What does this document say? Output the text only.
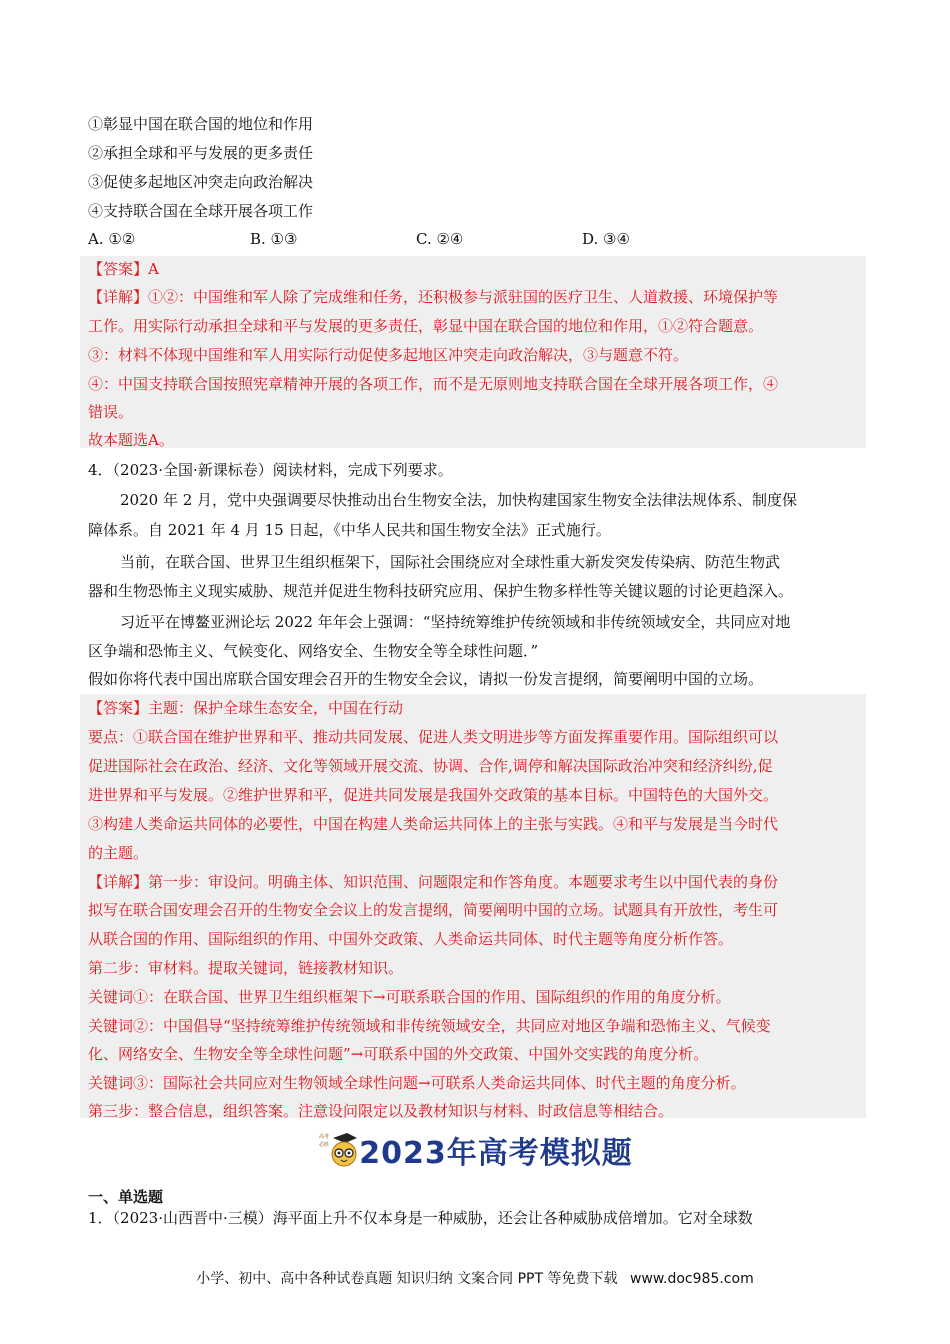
①彰显中国在联合国的地位和作用
②承担全球和平与发展的更多责任
③促使多起地区冲突走向政治解决
④支持联合国在全球开展各项工作
A. ①②	B. ①③	C. ②④	D. ③④
【答案】A
【详解】①②：中国维和军人除了完成维和任务，还积极参与派驻国的医疗卫生、人道救援、环境保护等
工作。用实际行动承担全球和平与发展的更多责任，彰显中国在联合国的地位和作用，①②符合题意。
③：材料不体现中国维和军人用实际行动促使多起地区冲突走向政治解决，③与题意不符。
④：中国支持联合国按照宪章精神开展的各项工作，而不是无原则地支持联合国在全球开展各项工作，④
错误。
故本题选A。
4．（2023·全国·新课标卷）阅读材料，完成下列要求。
2020 年 2 月，党中央强调要尽快推动出台生物安全法，加快构建国家生物安全法律法规体系、制度保
障体系。自 2021 年 4 月 15 日起，《中华人民共和国生物安全法》正式施行。
当前，在联合国、世界卫生组织框架下，国际社会围绕应对全球性重大新发突发传染病、防范生物武
器和生物恐怖主义现实威胁、规范并促进生物科技研究应用、保护生物多样性等关键议题的讨论更趋深入。
习近平在博鳌亚洲论坛 2022 年年会上强调：“坚持统筹维护传统领域和非传统领域安全，共同应对地
区争端和恐怖主义、气候变化、网络安全、生物安全等全球性问题．”
假如你将代表中国出席联合国安理会召开的生物安全会议，请拟一份发言提纲，简要阐明中国的立场。
【答案】主题：保护全球生态安全，中国在行动
要点：①联合国在维护世界和平、推动共同发展、促进人类文明进步等方面发挥重要作用。国际组织可以
促进国际社会在政治、经济、文化等领域开展交流、协调、合作,调停和解决国际政治冲突和经济纠纷,促
进世界和平与发展。②维护世界和平，促进共同发展是我国外交政策的基本目标。中国特色的大国外交。
③构建人类命运共同体的必要性，中国在构建人类命运共同体上的主张与实践。④和平与发展是当今时代
的主题。
【详解】第一步：审设问。明确主体、知识范围、问题限定和作答角度。本题要求考生以中国代表的身份
拟写在联合国安理会召开的生物安全会议上的发言提纲，简要阐明中国的立场。试题具有开放性，考生可
从联合国的作用、国际组织的作用、中国外交政策、人类命运共同体、时代主题等角度分析作答。
第二步：审材料。提取关键词，链接教材知识。
关键词①：在联合国、世界卫生组织框架下→可联系联合国的作用、国际组织的作用的角度分析。
关键词②：中国倡导“坚持统筹维护传统领域和非传统领域安全，共同应对地区争端和恐怖主义、气候变
化、网络安全、生物安全等全球性问题”→可联系中国的外交政策、中国外交实践的角度分析。
关键词③：国际社会共同应对生物领域全球性问题→可联系人类命运共同体、时代主题的角度分析。
第三步：整合信息，组织答案。注意设问限定以及教材知识与材料、时政信息等相结合。
高考
必胜 2023年高考模拟题
一、单选题
1．（2023·山西晋中·三模）海平面上升不仅本身是一种威胁，还会让各种威胁成倍增加。它对全球数
小学、初中、高中各种试卷真题 知识归纳 文案合同 PPT 等免费下载 www.doc985.com
